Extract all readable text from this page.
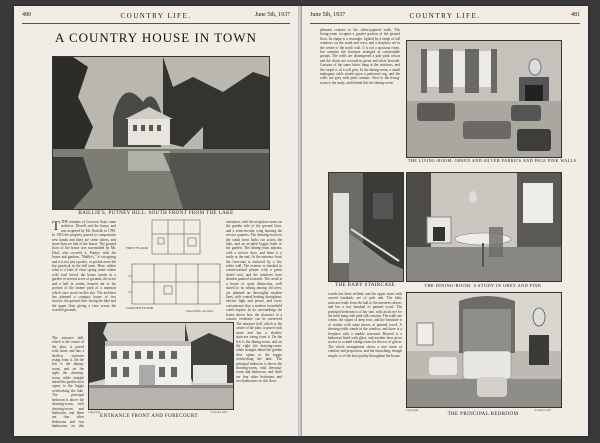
480	COUNTRY LIFE.	June 5th, 1937
A COUNTRY HOUSE IN TOWN
BAILLIE'S, PUTNEY HILL: SOUTH FRONT FROM THE LAKE

TTHE remains of Leveson Gray came architect. Dewell and the house, and was acquired by Mr. Norfolk in 1789. In 1810 the property passed to comparative new hands and there are some others, and more than we had of the house. The ground floor of the house was surrounded by Mr. Deal, who covered it. Putney, with the house and gardens, "Baillie's," is occupying and it is not just a poetic, or pocket more the but practical in the full term. Here, within what is a lake of clear spring water where wild fowl breed, the house stands in a garden of several acres of grounds, the acres and a half in extent, formed out of the portion of the former park of a mansion which once stood on this site. The architect has planned a compact house of two storeys, the ground floor facing the lake and the upper floor giving a view across the wooded grounds.

FIRST FLOOR
GROUND FLOOR
Edward Hill, Architect.
extension, with the reception rooms on the garden side of the ground floor, and a semi-circular wing housing the service quarters. The drawing-room on the south front looks out across the lake, and an arcaded loggia leads to the garden. The dining-room adjoins, with a service door, and there is a study at the end. At the entrance front the forecourt is enclosed by a low white wall. The exterior is finished in cream-washed plaster with a green slated roof, and the windows have shutters painted to match. The result is a house of quiet distinction, well suited to its setting among old trees, yet planned on thoroughly modern lines, with central heating throughout, electric light and power, and every convenience that a modern household could require. In its surroundings the house shows how the character of a country residence can be preserved
Copyright	"Country Life."
ENTRANCE FRONT AND FORECOURT
The entrance hall, which is the centre of the plan, is paved with stone and has a shallow staircase rising from it. On the left is the dining-room, and on the right the drawing-room, while straight ahead the garden door opens to the loggia overlooking the lake. The principal bedroom is above the drawing-room, with dressing-room and bathroom, and there are four other bedrooms and two bathrooms on this
The entrance hall, which is the centre of the plan, is paved with stone and has a shallow staircase rising from it. On the left is the dining-room, and on the right the drawing-room, while straight ahead the garden door opens to the loggia overlooking the lake. The principal bedroom is above the drawing-room, with dressing-room and bathroom, and there are four other bedrooms and two bathrooms on this floor.
June 5th, 1937	COUNTRY LIFE.	481
pleasant contrast to the silver-papered walls. The living-room occupies a greater portion of the ground floor. Its shape is a rectangle, lighted by a range of tall windows on the south and west, and a fireplace set in the centre of the north wall. It is not a spacious room, but contains the furniture arranged in comfortable groups. The walls are distempered a pale pink colour and the chairs are covered in green and silver brocade. Curtains of the same fabric hang at the windows, and the carpet is of a soft grey. In the dining-room, a small mahogany table stands upon a patterned rug, and the walls are grey with pink curtains. Next to the living-room is the study, and behind this the dining-room.
THE LIVING-ROOM: GREEN AND SILVER FABRICS AND PALE PINK WALLS
THE BABY STAIRCASE	THE DINING-ROOM. A STUDY IN GREY AND PINK
woods has been refitted, and the upper stairs with curved handrails are of pale oak. The baby staircase leads from the hall to the nurseries above, and has a low handrail of painted wood. The principal bedroom is of fair size, with an alcove for the beds hung with pink silk curtains. The walls are cream, the carpet of deep rose, and the furniture is of walnut with some pieces of painted wood. A dressing-table stands in the window, and there is a fireplace with a marble surround. Beyond is a bathroom lined with glass, and another door gives access to a small sitting-room for the use of guests. The whole arrangement shows a nice sense of comfort and proportion, and the furnishing, though simple, is of the best quality throughout the house.
Copyright	"Country Life."
THE PRINCIPAL BEDROOM
